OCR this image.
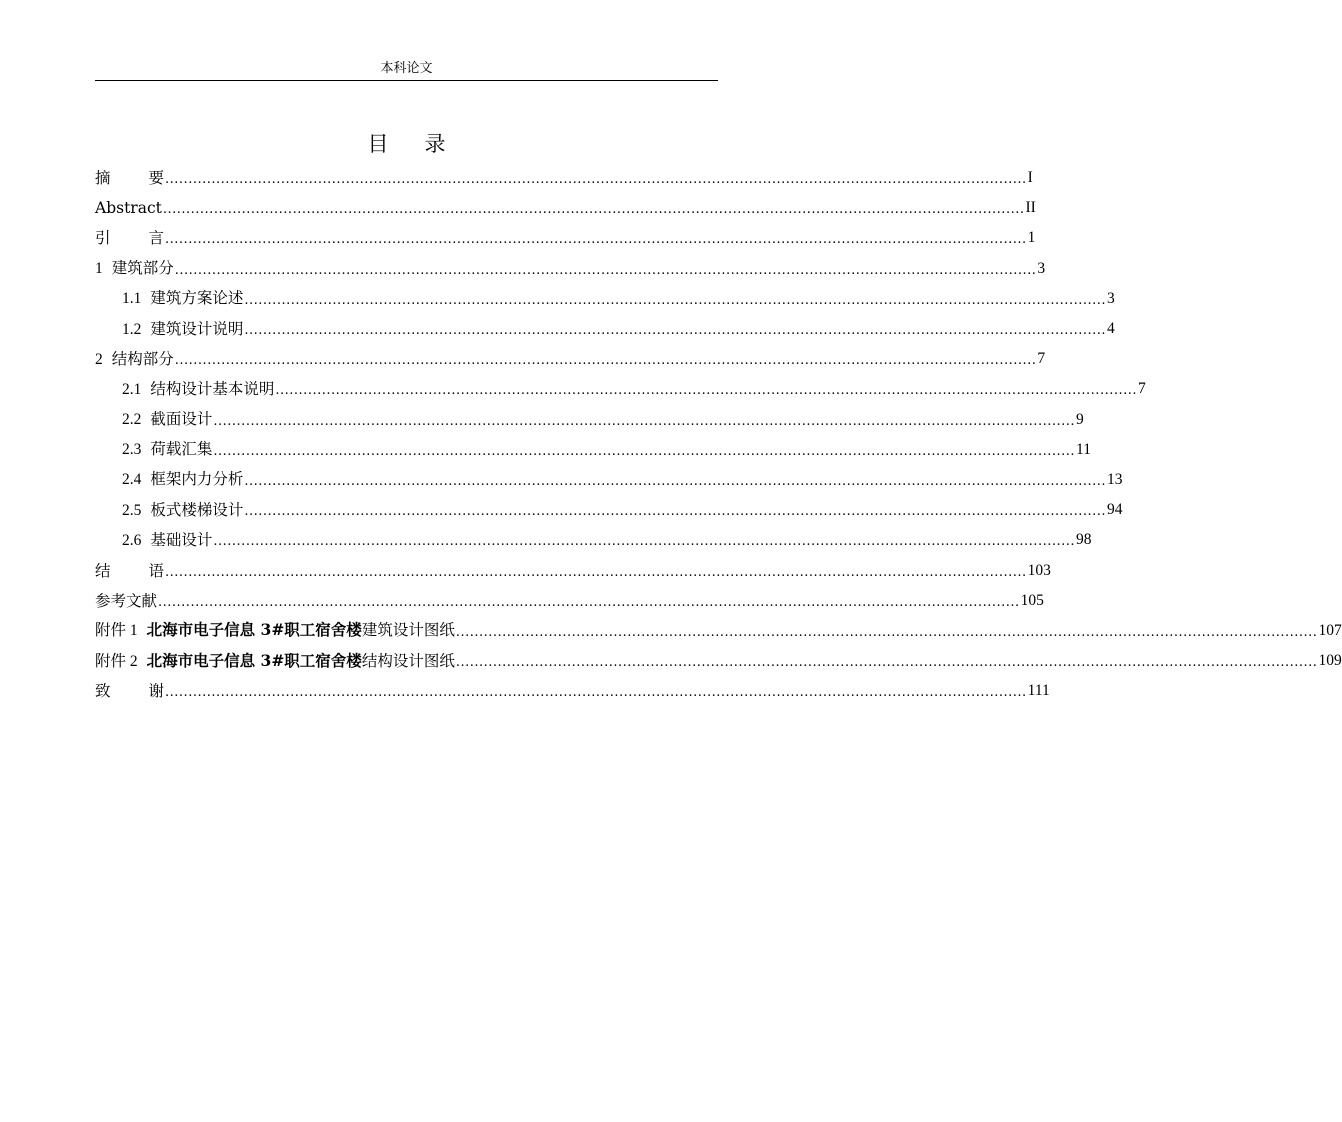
本科论文
目 录
摘 要 .......................................................................................................................................................................................... I
Abstract .......................................................................................................................................................................................... II
引 言 .......................................................................................................................................................................................... 1
1 建筑部分 .......................................................................................................................................................................................... 3
1.1 建筑方案论述 .......................................................................................................................................................................................... 3
1.2 建筑设计说明 .......................................................................................................................................................................................... 4
2 结构部分 .......................................................................................................................................................................................... 7
2.1 结构设计基本说明 .......................................................................................................................................................................................... 7
2.2 截面设计 .......................................................................................................................................................................................... 9
2.3 荷载汇集 .......................................................................................................................................................................................... 11
2.4 框架内力分析 .......................................................................................................................................................................................... 13
2.5 板式楼梯设计 .......................................................................................................................................................................................... 94
2.6 基础设计 .......................................................................................................................................................................................... 98
结 语 .......................................................................................................................................................................................... 103
参考文献 .......................................................................................................................................................................................... 105
附件 1 北海市电子信息 3#职工宿舍楼建筑设计图纸 .......................................................................................................................................................................................... 107
附件 2 北海市电子信息 3#职工宿舍楼结构设计图纸 .......................................................................................................................................................................................... 109
致 谢 .......................................................................................................................................................................................... 111
